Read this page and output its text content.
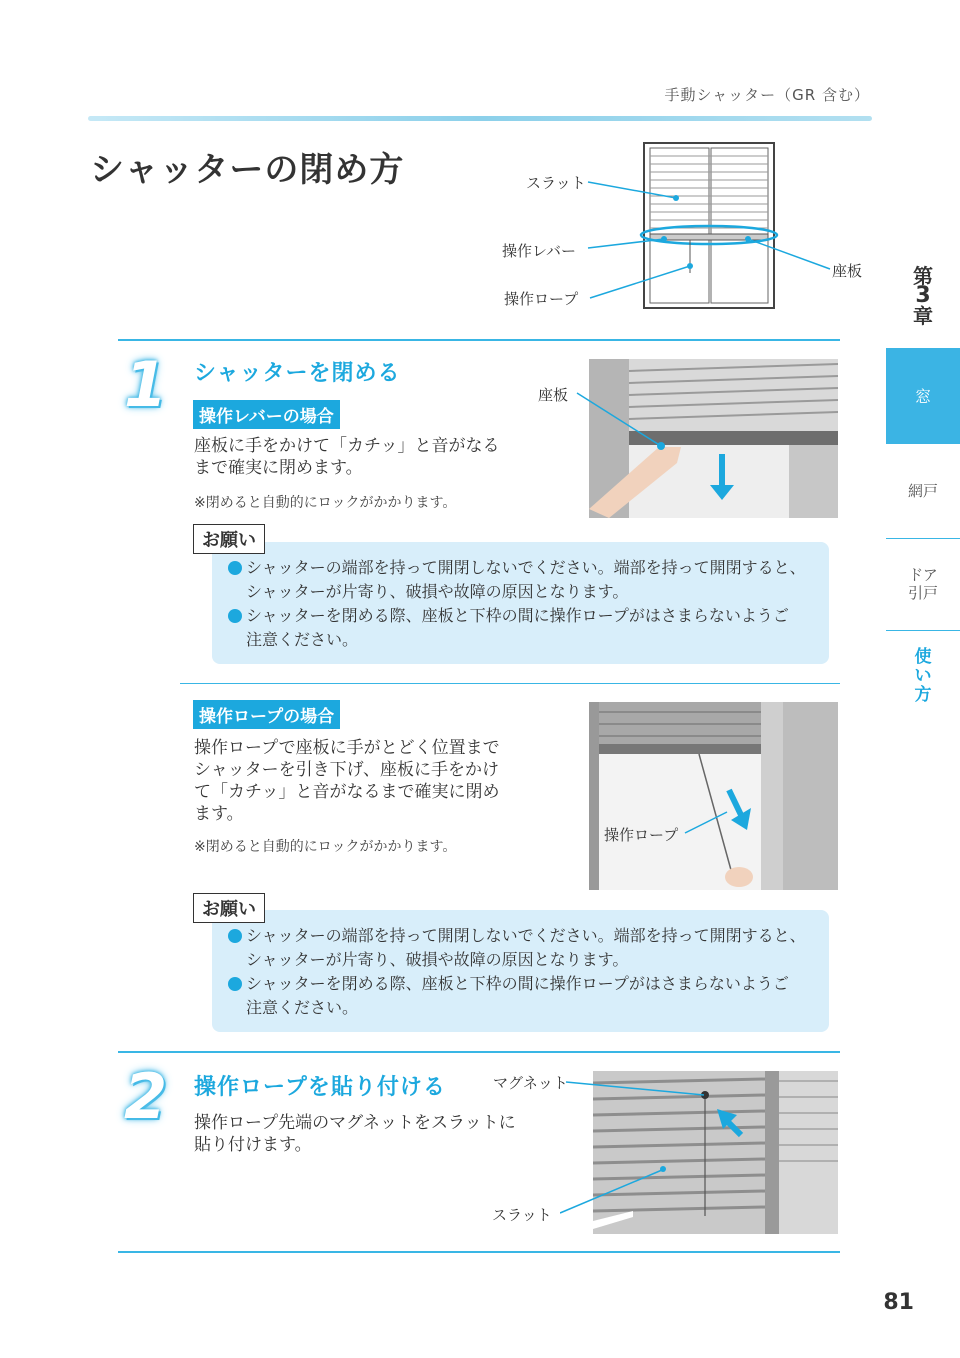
手動シャッター（GR 含む）
シャッターの閉め方	スラット
操作レバー
操作ロープ
座板	第
3
章
窓
網戸
ドア
引戸
使
い
方
1 シャッターを閉める
操作レバーの場合
座板に手をかけて「カチッ」と音がなる
まで確実に閉めます。
※閉めると自動的にロックがかかります。
座板
シャッターの端部を持って開閉しないでください。端部を持って開閉すると、
シャッターが片寄り、破損や故障の原因となります。
シャッターを閉める際、座板と下枠の間に操作ロープがはさまらないようご
注意ください。
お願い
操作ロープの場合
操作ロープで座板に手がとどく位置まで
シャッターを引き下げ、座板に手をかけ
て「カチッ」と音がなるまで確実に閉め
ます。
※閉めると自動的にロックがかかります。
操作ロープ
シャッターの端部を持って開閉しないでください。端部を持って開閉すると、
シャッターが片寄り、破損や故障の原因となります。
シャッターを閉める際、座板と下枠の間に操作ロープがはさまらないようご
注意ください。
お願い
2 操作ロープを貼り付ける
操作ロープ先端のマグネットをスラットに
貼り付けます。
マグネット
スラット
81
